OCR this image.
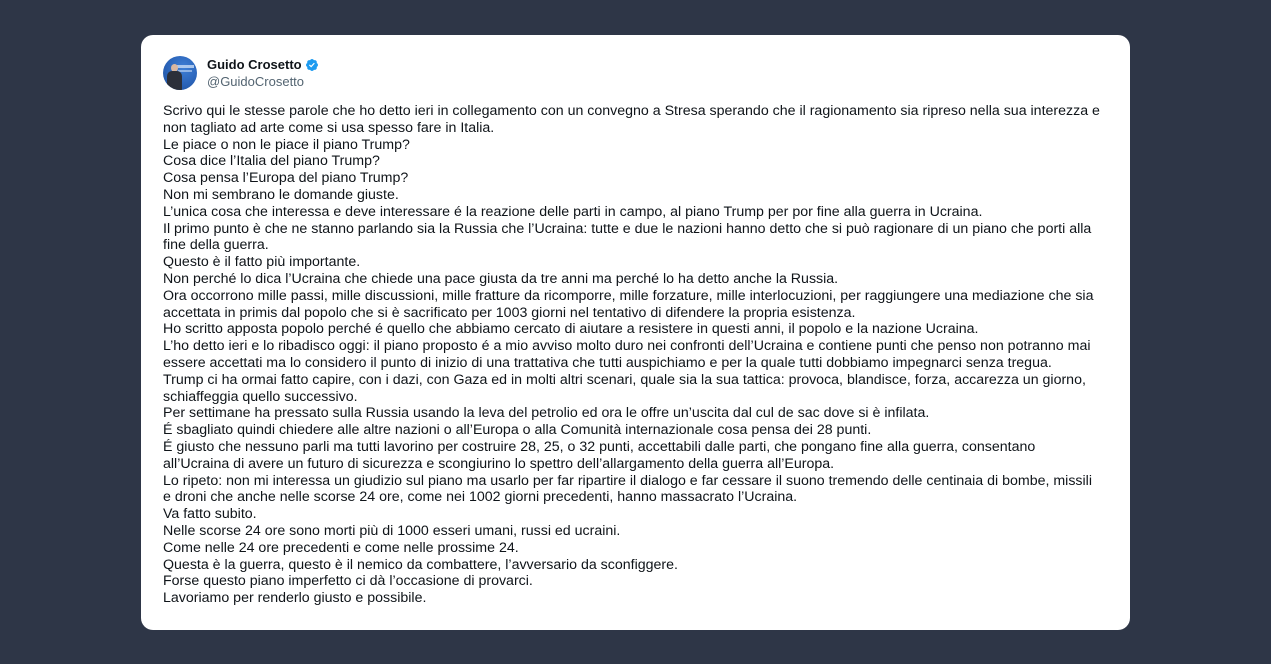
Guido Crosetto
@GuidoCrosetto

Scrivo qui le stesse parole che ho detto ieri in collegamento con un convegno a Stresa sperando che il ragionamento sia ripreso nella sua interezza e non tagliato ad arte come si usa spesso fare in Italia.

Le piace o non le piace il piano Trump?

Cosa dice l’Italia del piano Trump?

Cosa pensa l’Europa del piano Trump?

Non mi sembrano le domande giuste.

L’unica cosa che interessa e deve interessare é la reazione delle parti in campo, al piano Trump per por fine alla guerra in Ucraina.

Il primo punto è che ne stanno parlando sia la Russia che l’Ucraina: tutte e due le nazioni hanno detto che si può ragionare di un piano che porti alla fine della guerra.

Questo è il fatto più importante.

Non perché lo dica l’Ucraina che chiede una pace giusta da tre anni ma perché lo ha detto anche la Russia.

Ora occorrono mille passi, mille discussioni, mille fratture da ricomporre, mille forzature, mille interlocuzioni, per raggiungere una mediazione che sia accettata in primis dal popolo che si è sacrificato per 1003 giorni nel tentativo di difendere la propria esistenza.

Ho scritto apposta popolo perché é quello che abbiamo cercato di aiutare a resistere in questi anni, il popolo e la nazione Ucraina.

L’ho detto ieri e lo ribadisco oggi: il piano proposto é a mio avviso molto duro nei confronti dell’Ucraina e contiene punti che penso non potranno mai essere accettati ma lo considero il punto di inizio di una trattativa che tutti auspichiamo e per la quale tutti dobbiamo impegnarci senza tregua.

Trump ci ha ormai fatto capire, con i dazi, con Gaza ed in molti altri scenari, quale sia la sua tattica: provoca, blandisce, forza, accarezza un giorno, schiaffeggia quello successivo.

Per settimane ha pressato sulla Russia usando la leva del petrolio ed ora le offre un’uscita dal cul de sac dove si è infilata.

É sbagliato quindi chiedere alle altre nazioni o all’Europa o alla Comunità internazionale cosa pensa dei 28 punti.

É giusto che nessuno parli ma tutti lavorino per costruire 28, 25, o 32 punti, accettabili dalle parti, che pongano fine alla guerra, consentano all’Ucraina di avere un futuro di sicurezza e scongiurino lo spettro dell’allargamento della guerra all’Europa.

Lo ripeto: non mi interessa un giudizio sul piano ma usarlo per far ripartire il dialogo e far cessare il suono tremendo delle centinaia di bombe, missili e droni che anche nelle scorse 24 ore, come nei 1002 giorni precedenti, hanno massacrato l’Ucraina.

Va fatto subito.

Nelle scorse 24 ore sono morti più di 1000 esseri umani, russi ed ucraini.

Come nelle 24 ore precedenti e come nelle prossime 24.

Questa è la guerra, questo è il nemico da combattere, l’avversario da sconfiggere.

Forse questo piano imperfetto ci dà l’occasione di provarci.

Lavoriamo per renderlo giusto e possibile.
